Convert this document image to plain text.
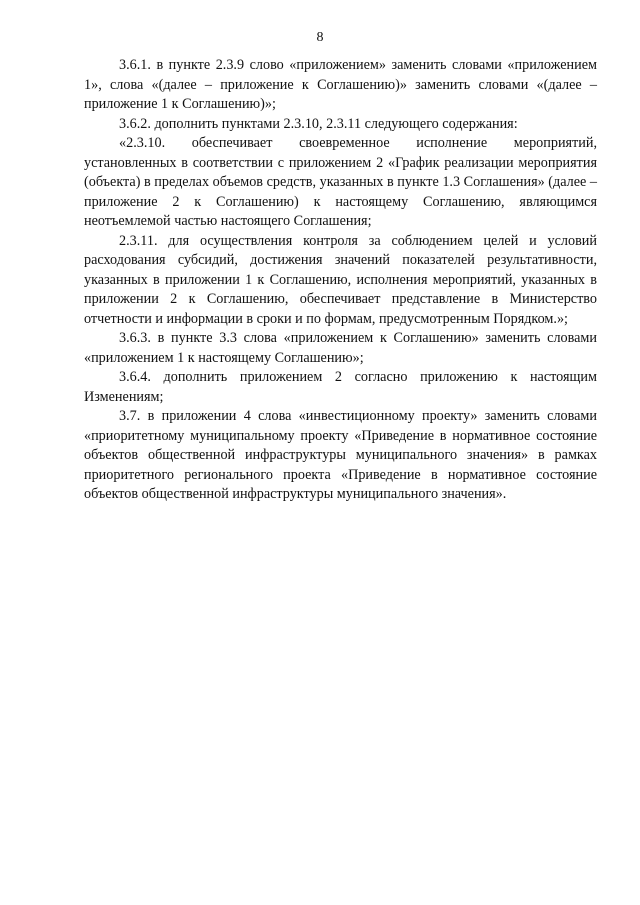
8

3.6.1. в пункте 2.3.9 слово «приложением» заменить словами «приложением 1», слова «(далее – приложение к Соглашению)» заменить словами «(далее – приложение 1 к Соглашению)»;

3.6.2. дополнить пунктами 2.3.10, 2.3.11 следующего содержания:

«2.3.10. обеспечивает своевременное исполнение мероприятий, установленных в соответствии с приложением 2 «График реализации мероприятия (объекта) в пределах объемов средств, указанных в пункте 1.3 Соглашения» (далее – приложение 2 к Соглашению) к настоящему Соглашению, являющимся неотъемлемой частью настоящего Соглашения;

2.3.11. для осуществления контроля за соблюдением целей и условий расходования субсидий, достижения значений показателей результативности, указанных в приложении 1 к Соглашению, исполнения мероприятий, указанных в приложении 2 к Соглашению, обеспечивает представление в Министерство отчетности и информации в сроки и по формам, предусмотренным Порядком.»;

3.6.3. в пункте 3.3 слова «приложением к Соглашению» заменить словами «приложением 1 к настоящему Соглашению»;

3.6.4. дополнить приложением 2 согласно приложению к настоящим Изменениям;

3.7. в приложении 4 слова «инвестиционному проекту» заменить словами «приоритетному муниципальному проекту «Приведение в нормативное состояние объектов общественной инфраструктуры муниципального значения» в рамках приоритетного регионального проекта «Приведение в нормативное состояние объектов общественной инфраструктуры муниципального значения».
